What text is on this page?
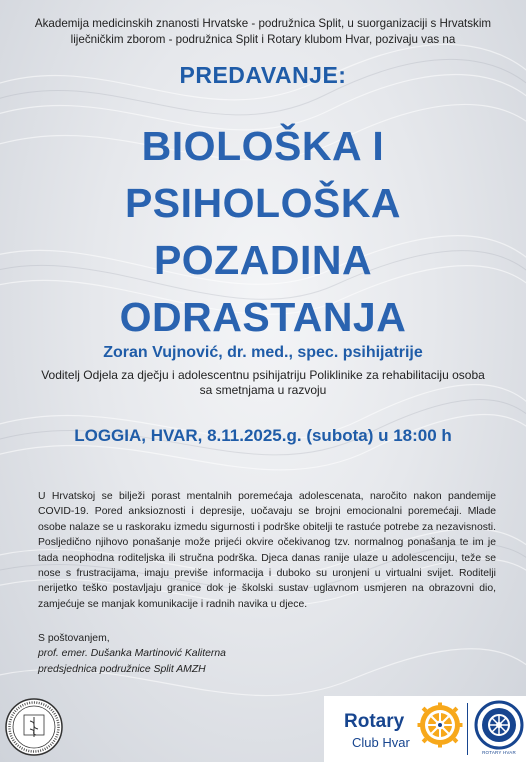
Akademija medicinskih znanosti Hrvatske - podružnica Split, u suorganizaciji s Hrvatskim liječničkim zborom - podružnica Split i Rotary klubom Hvar, pozivaju vas na
PREDAVANJE:
BIOLOŠKA I
PSIHOLOŠKA
POZADINA
ODRASTANJA
Zoran Vujnović, dr. med., spec. psihijatrije
Voditelj Odjela za dječju i adolescentnu psihijatriju Poliklinike za rehabilitaciju osoba sa smetnjama u razvoju
LOGGIA, HVAR, 8.11.2025.g. (subota) u 18:00 h
U Hrvatskoj se bilježi porast mentalnih poremećaja adolescenata, naročito nakon pandemije COVID-19. Pored anksioznosti i depresije, uočavaju se brojni emocionalni poremećaji. Mlade osobe nalaze se u raskoraku izmedu sigurnosti i podrške obitelji te rastuće potrebe za nezavisnosti. Posljedično njihovo ponašanje može prijeći okvire očekivanog tzv. normalnog ponašanja te im je tada neophodna roditeljska ili stručna podrška. Djeca danas ranije ulaze u adolescenciju, teže se nose s frustracijama, imaju previše informacija i duboko su uronjeni u virtualni svijet. Roditelji nerijetko teško postavljaju granice dok je školski sustav uglavnom usmjeren na obrazovni dio, zamjećuje se manjak komunikacije i radnih navika u djece.
S poštovanjem,
prof. emer. Dušanka Martinović Kaliterna
predsjednica podružnice Split AMZH
Rotary
Club Hvar
ROTARY HVAR
